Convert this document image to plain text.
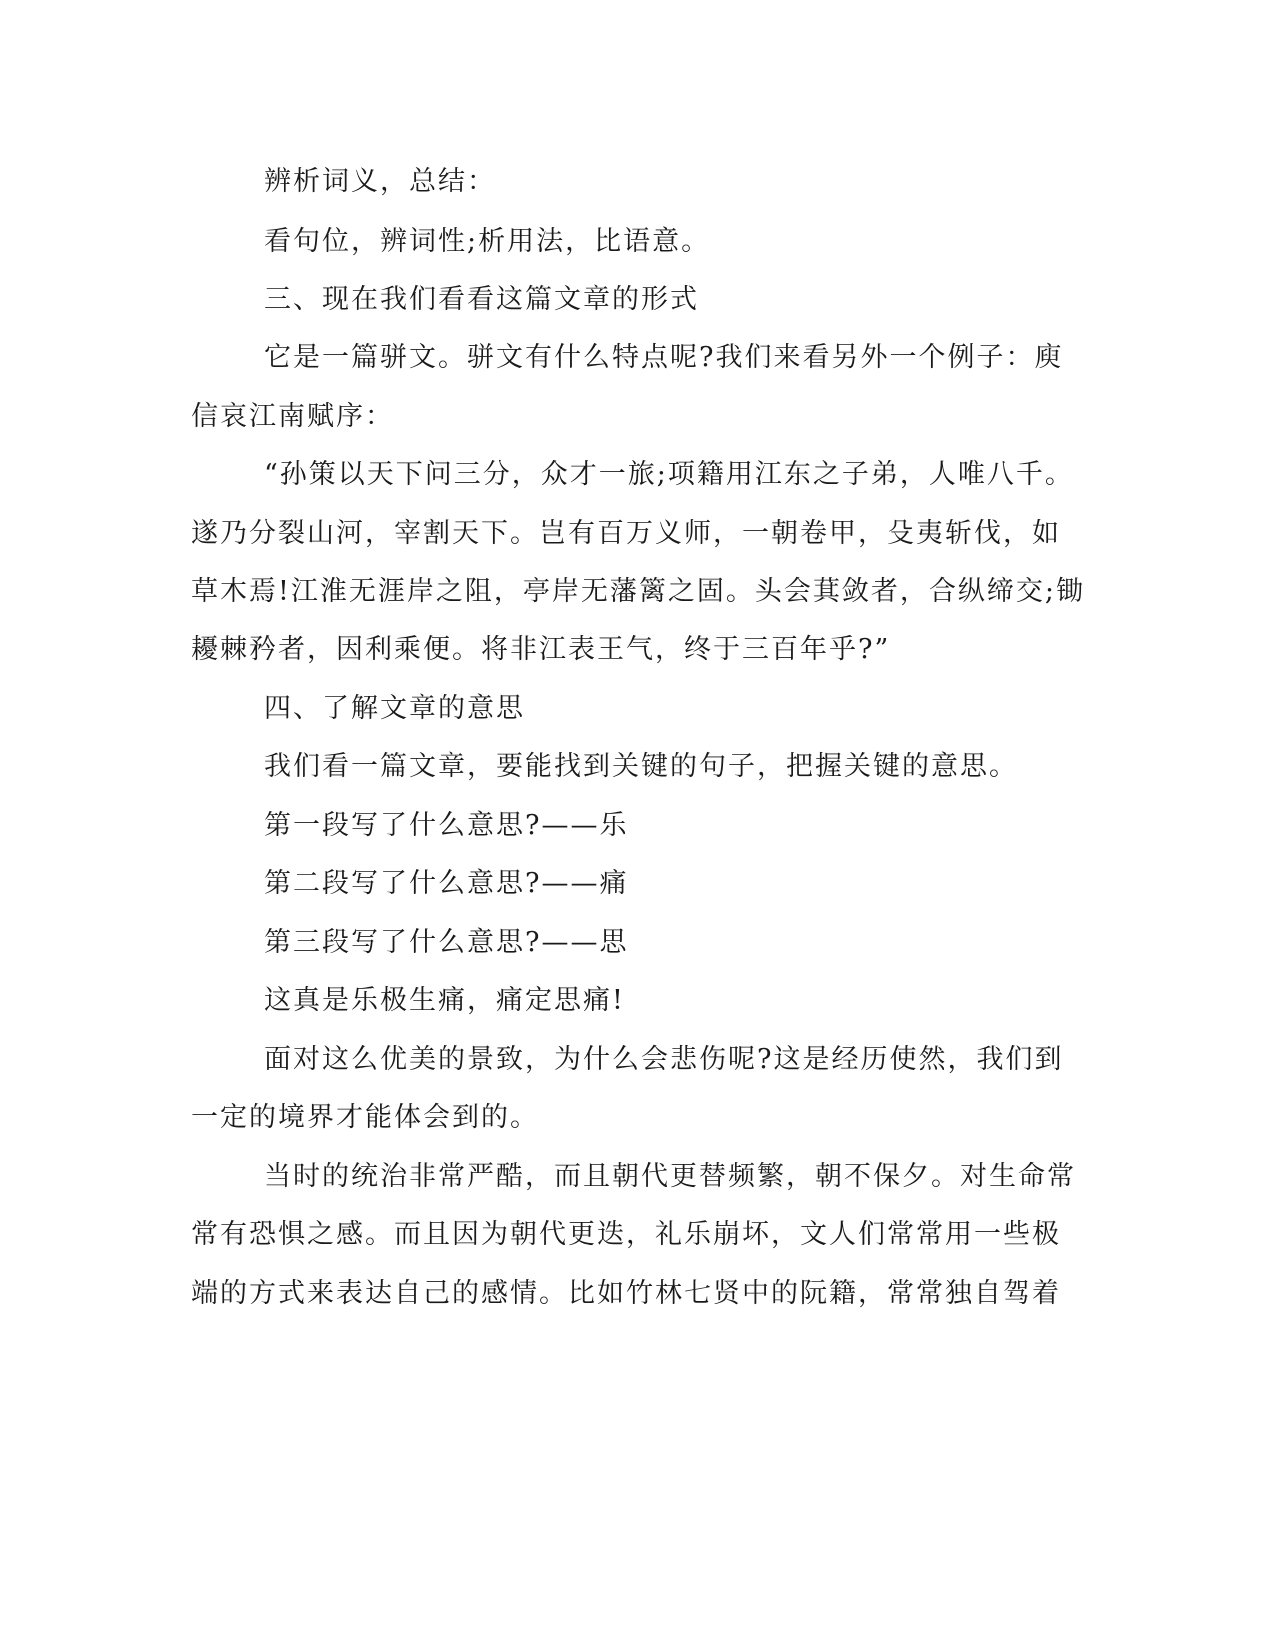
辨析词义，总结：
看句位，辨词性;析用法，比语意。
三、现在我们看看这篇文章的形式
它是一篇骈文。骈文有什么特点呢?我们来看另外一个例子：庾
信哀江南赋序：
“孙策以天下问三分，众才一旅;项籍用江东之子弟，人唯八千。
遂乃分裂山河，宰割天下。岂有百万义师，一朝卷甲，殳夷斩伐，如
草木焉!江淮无涯岸之阻，亭岸无藩篱之固。头会萁敛者，合纵缔交;锄
耰棘矜者，因利乘便。将非江表王气，终于三百年乎?”
四、了解文章的意思
我们看一篇文章，要能找到关键的句子，把握关键的意思。
第一段写了什么意思?——乐
第二段写了什么意思?——痛
第三段写了什么意思?——思
这真是乐极生痛，痛定思痛!
面对这么优美的景致，为什么会悲伤呢?这是经历使然，我们到
一定的境界才能体会到的。
当时的统治非常严酷，而且朝代更替频繁，朝不保夕。对生命常
常有恐惧之感。而且因为朝代更迭，礼乐崩坏，文人们常常用一些极
端的方式来表达自己的感情。比如竹林七贤中的阮籍，常常独自驾着
